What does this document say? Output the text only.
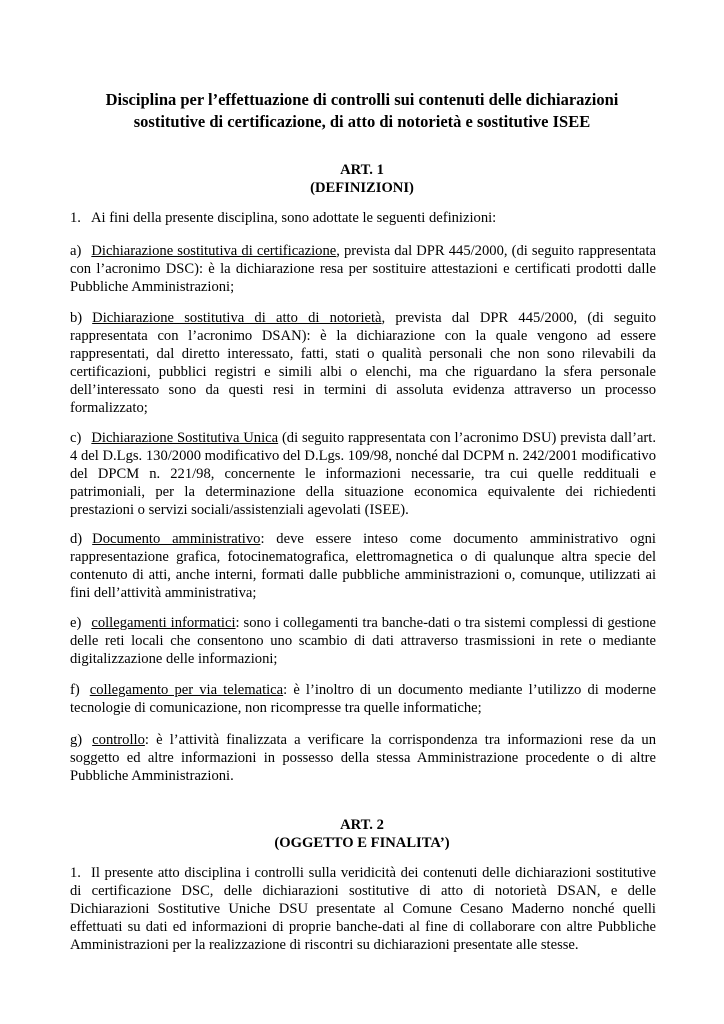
Disciplina per l’effettuazione di controlli sui contenuti delle dichiarazioni
sostitutive di certificazione, di atto di notorietà e sostitutive ISEE
ART. 1
(DEFINIZIONI)

1. Ai fini della presente disciplina, sono adottate le seguenti definizioni:

a) Dichiarazione sostitutiva di certificazione, prevista dal DPR 445/2000, (di seguito rappresentata con l’acronimo DSC): è la dichiarazione resa per sostituire attestazioni e certificati prodotti dalle Pubbliche Amministrazioni;

b) Dichiarazione sostitutiva di atto di notorietà, prevista dal DPR 445/2000, (di seguito rappresentata con l’acronimo DSAN): è la dichiarazione con la quale vengono ad essere rappresentati, dal diretto interessato, fatti, stati o qualità personali che non sono rilevabili da certificazioni, pubblici registri e simili albi o elenchi, ma che riguardano la sfera personale dell’interessato sono da questi resi in termini di assoluta evidenza attraverso un processo formalizzato;

c) Dichiarazione Sostitutiva Unica (di seguito rappresentata con l’acronimo DSU) prevista dall’art. 4 del D.Lgs. 130/2000 modificativo del D.Lgs. 109/98, nonché dal DCPM n. 242/2001 modificativo del DPCM n. 221/98, concernente le informazioni necessarie, tra cui quelle reddituali e patrimoniali, per la determinazione della situazione economica equivalente dei richiedenti prestazioni o servizi sociali/assistenziali agevolati (ISEE).

d) Documento amministrativo: deve essere inteso come documento amministrativo ogni rappresentazione grafica, fotocinematografica, elettromagnetica o di qualunque altra specie del contenuto di atti, anche interni, formati dalle pubbliche amministrazioni o, comunque, utilizzati ai fini dell’attività amministrativa;

e) collegamenti informatici: sono i collegamenti tra banche-dati o tra sistemi complessi di gestione delle reti locali che consentono uno scambio di dati attraverso trasmissioni in rete o mediante digitalizzazione delle informazioni;

f) collegamento per via telematica: è l’inoltro di un documento mediante l’utilizzo di moderne tecnologie di comunicazione, non ricompresse tra quelle informatiche;

g) controllo: è l’attività finalizzata a verificare la corrispondenza tra informazioni rese da un soggetto ed altre informazioni in possesso della stessa Amministrazione procedente o di altre Pubbliche Amministrazioni.

ART. 2
(OGGETTO E FINALITA’)

1. Il presente atto disciplina i controlli sulla veridicità dei contenuti delle dichiarazioni sostitutive di certificazione DSC, delle dichiarazioni sostitutive di atto di notorietà DSAN, e delle Dichiarazioni Sostitutive Uniche DSU presentate al Comune Cesano Maderno nonché quelli effettuati su dati ed informazioni di proprie banche-dati al fine di collaborare con altre Pubbliche Amministrazioni per la realizzazione di riscontri su dichiarazioni presentate alle stesse.
